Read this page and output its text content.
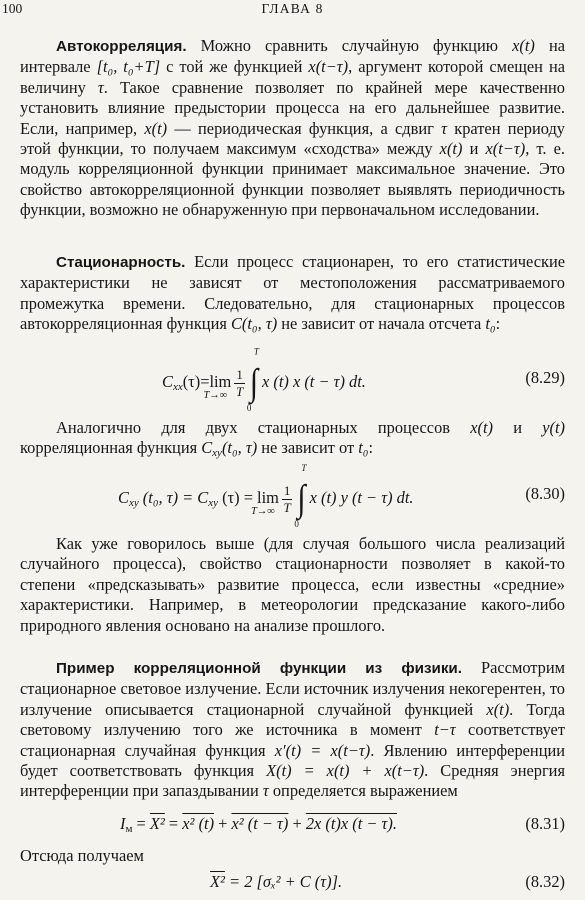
100	ГЛАВА 8
Автокорреляция. Можно сравнить случайную функцию x(t) на интервале [t₀, t₀+T] с той же функцией x(t−τ), аргумент которой смещен на величину τ. Такое сравнение позволяет по крайней мере качественно установить влияние предыстории процесса на его дальнейшее развитие. Если, например, x(t) — периодическая функция, а сдвиг τ кратен периоду этой функции, то получаем максимум «сходства» между x(t) и x(t−τ), т. е. модуль корреляционной функции принимает максимальное значение. Это свойство автокорреляционной функции позволяет выявлять периодичность функции, возможно не обнаруженную при первоначальном исследовании.
Стационарность. Если процесс стационарен, то его статистические характеристики не зависят от местоположения рассматриваемого промежутка времени. Следовательно, для стационарных процессов автокорреляционная функция C(t₀, τ) не зависит от начала отсчета t₀:
$C_{xx}(\tau)=\lim$
$T\to\infty \frac{1}{T}$ ∫
T
0
x (t) x (t − τ) dt.	(8.29)
Аналогично для двух стационарных процессов x(t) и y(t) корреляционная функция $C_{xy}(t_0$, τ) не зависит от t₀:
$C_{xy}$ (t₀, $\tau) = C_{xy}$ (τ) = lim
$T\to\infty \frac{1}{T}$ ∫
T
0
x (t) y (t − τ) dt.	(8.30)
Как уже говорилось выше (для случая большого числа реализаций случайного процесса), свойство стационарности позволяет в какой-то степени «предсказывать» развитие процесса, если известны «средние» характеристики. Например, в метеорологии предсказание какого-либо природного явления основано на анализе прошлого.
Пример корреляционной функции из физики. Рассмотрим стационарное световое излучение. Если источник излучения некогерентен, то излучение описывается стационарной случайной функцией x(t). Тогда световому излучению того же источника в момент t−τ соответствует стационарная случайная функция x′(t) = x(t−τ). Явлению интерференции будет соответствовать функция X(t) = x(t) + x(t−τ). Средняя энергия интерференции при запаздывании τ определяется выражением
$I_м = X^2 = x^2$ (t) + x² (t − τ) + 2x (t)x (t − τ).	(8.31)
Отсюда получаем
X² = 2 [σₓ² + C (τ)].	(8.32)
